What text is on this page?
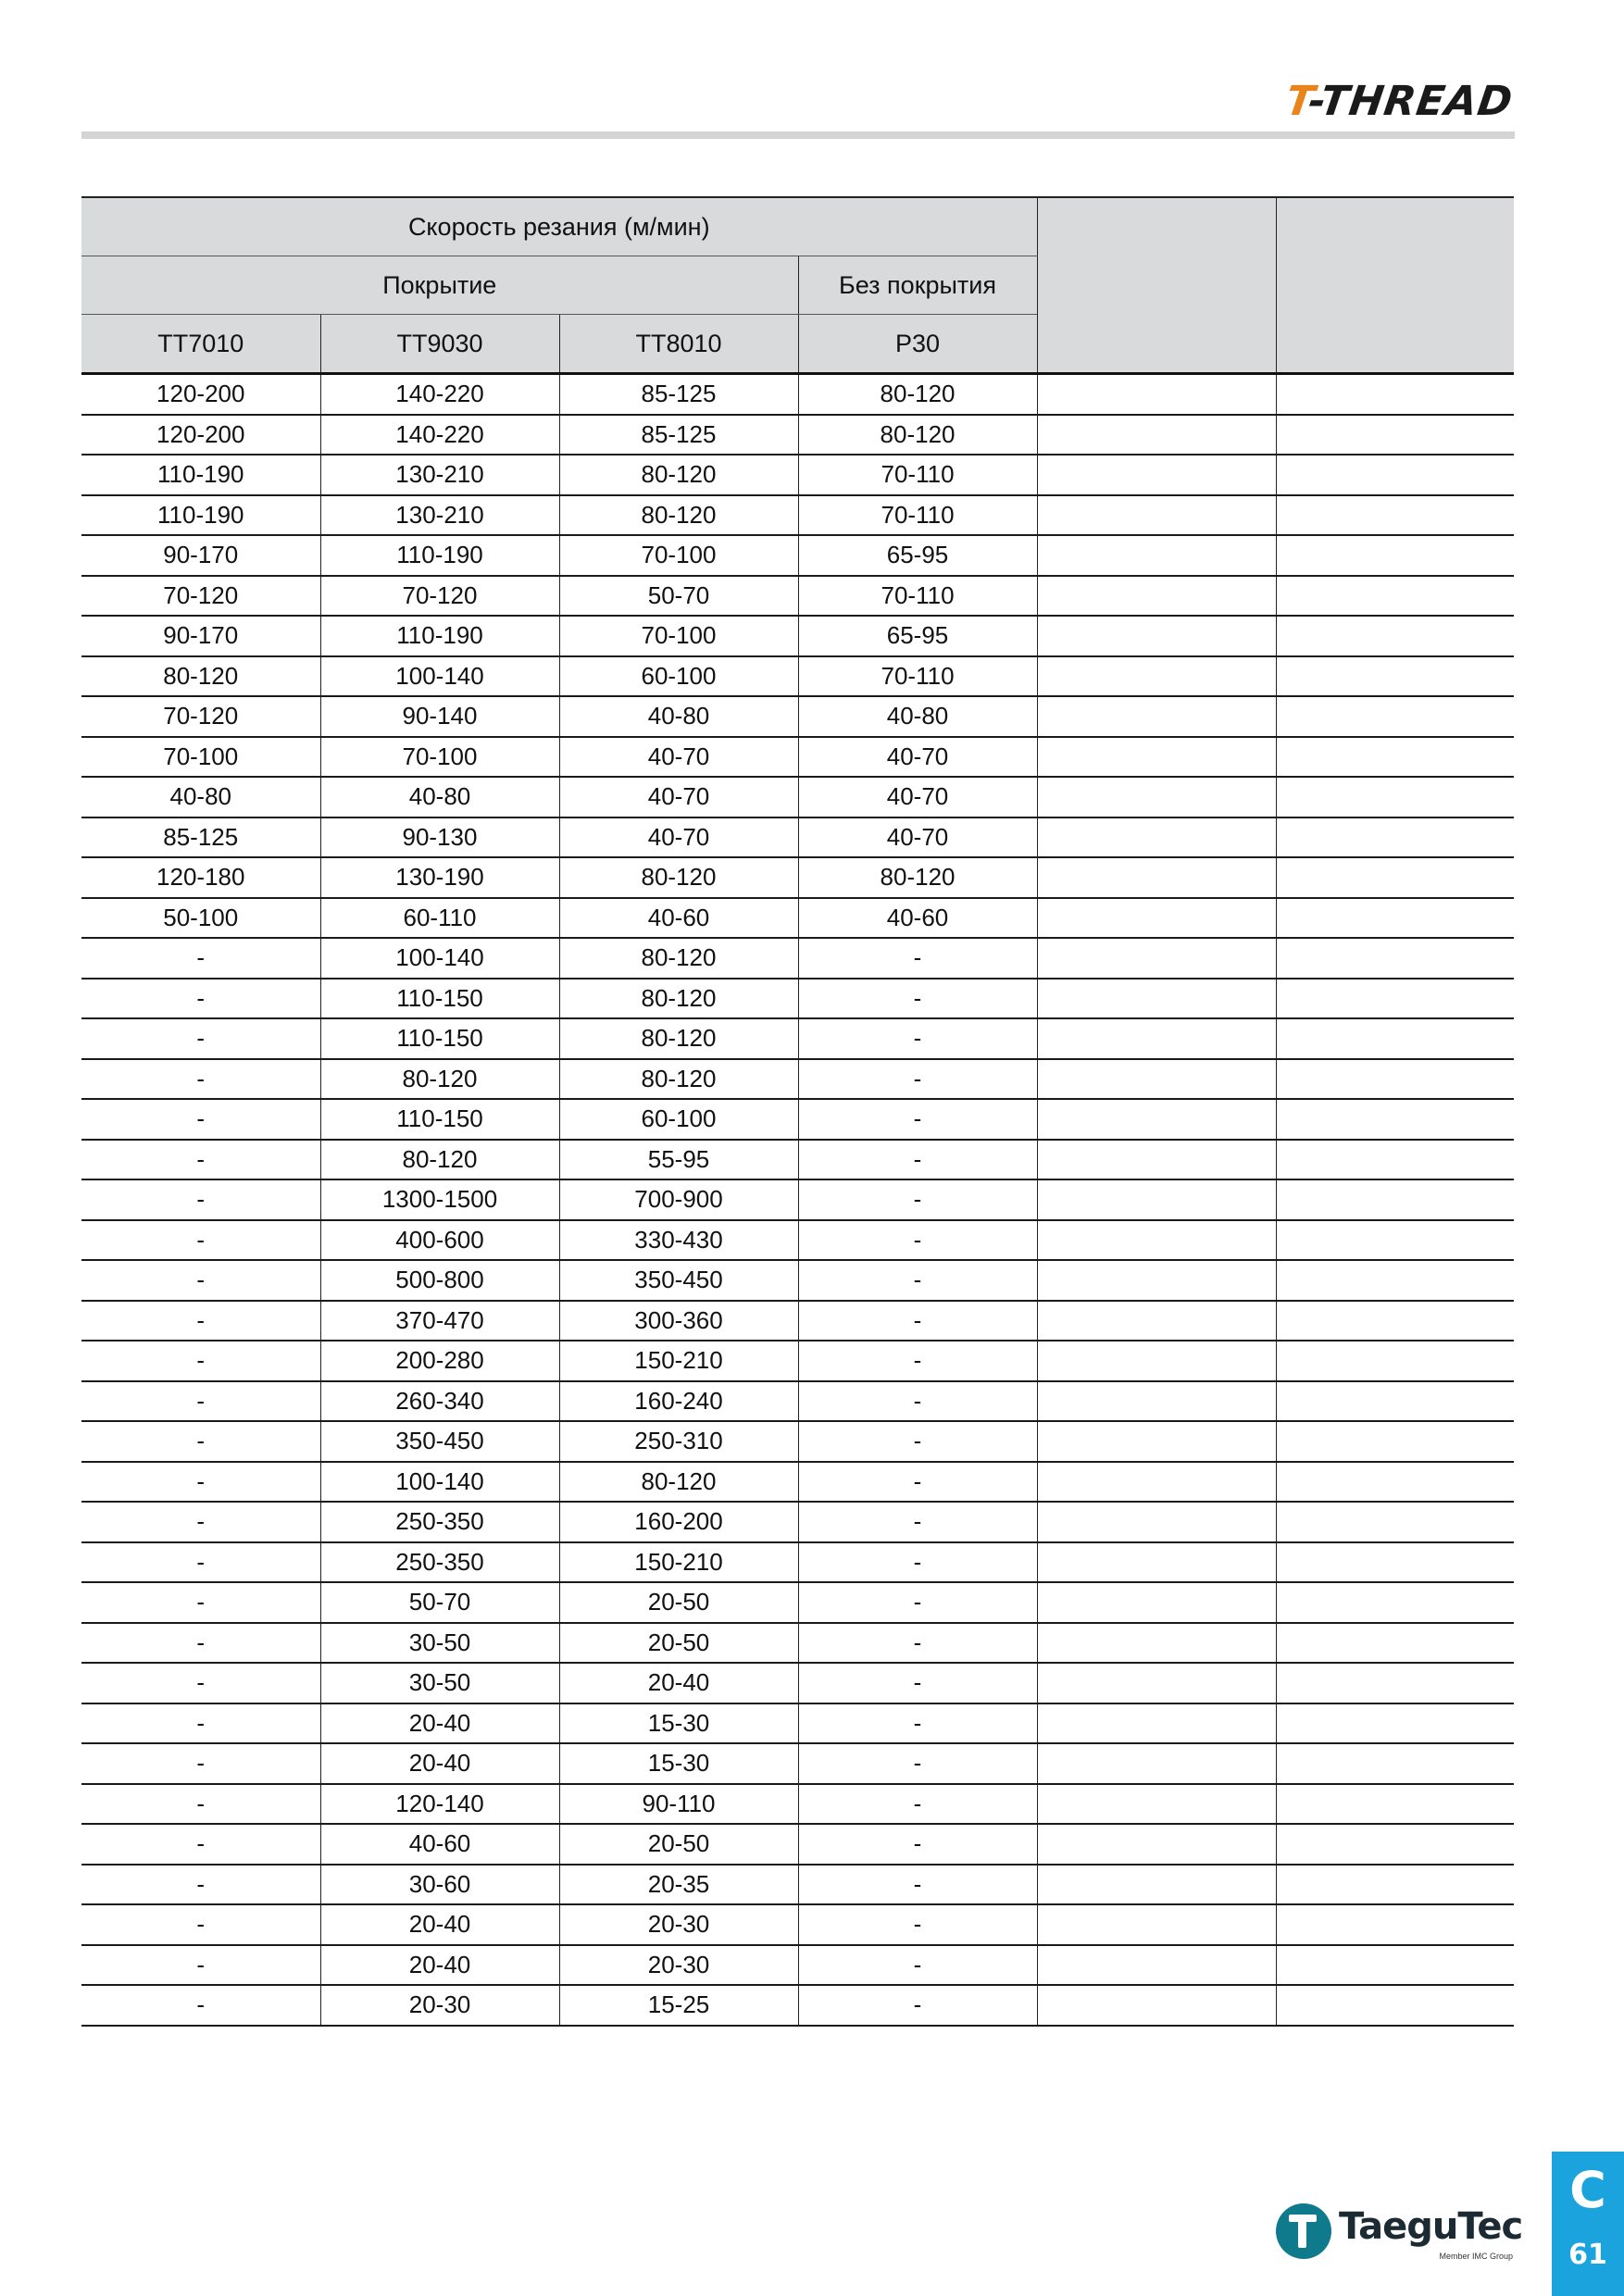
T-THREAD
Скорость резания (м/мин)					
Покрытие			Без покрытия		
TT7010	TT9030	TT8010	P30		
120-200	140-220	85-125	80-120		
120-200	140-220	85-125	80-120		
110-190	130-210	80-120	70-110		
110-190	130-210	80-120	70-110		
90-170	110-190	70-100	65-95		
70-120	70-120	50-70	70-110		
90-170	110-190	70-100	65-95		
80-120	100-140	60-100	70-110		
70-120	90-140	40-80	40-80		
70-100	70-100	40-70	40-70		
40-80	40-80	40-70	40-70		
85-125	90-130	40-70	40-70		
120-180	130-190	80-120	80-120		
50-100	60-110	40-60	40-60		
-	100-140	80-120	-		
-	110-150	80-120	-		
-	110-150	80-120	-		
-	80-120	80-120	-		
-	110-150	60-100	-		
-	80-120	55-95	-		
-	1300-1500	700-900	-		
-	400-600	330-430	-		
-	500-800	350-450	-		
-	370-470	300-360	-		
-	200-280	150-210	-		
-	260-340	160-240	-		
-	350-450	250-310	-		
-	100-140	80-120	-		
-	250-350	160-200	-		
-	250-350	150-210	-		
-	50-70	20-50	-		
-	30-50	20-50	-		
-	30-50	20-40	-		
-	20-40	15-30	-		
-	20-40	15-30	-		
-	120-140	90-110	-		
-	40-60	20-50	-		
-	30-60	20-35	-		
-	20-40	20-30	-		
-	20-40	20-30	-		
-	20-30	15-25	-		
TaeguTec
Member IMC Group
C
61
